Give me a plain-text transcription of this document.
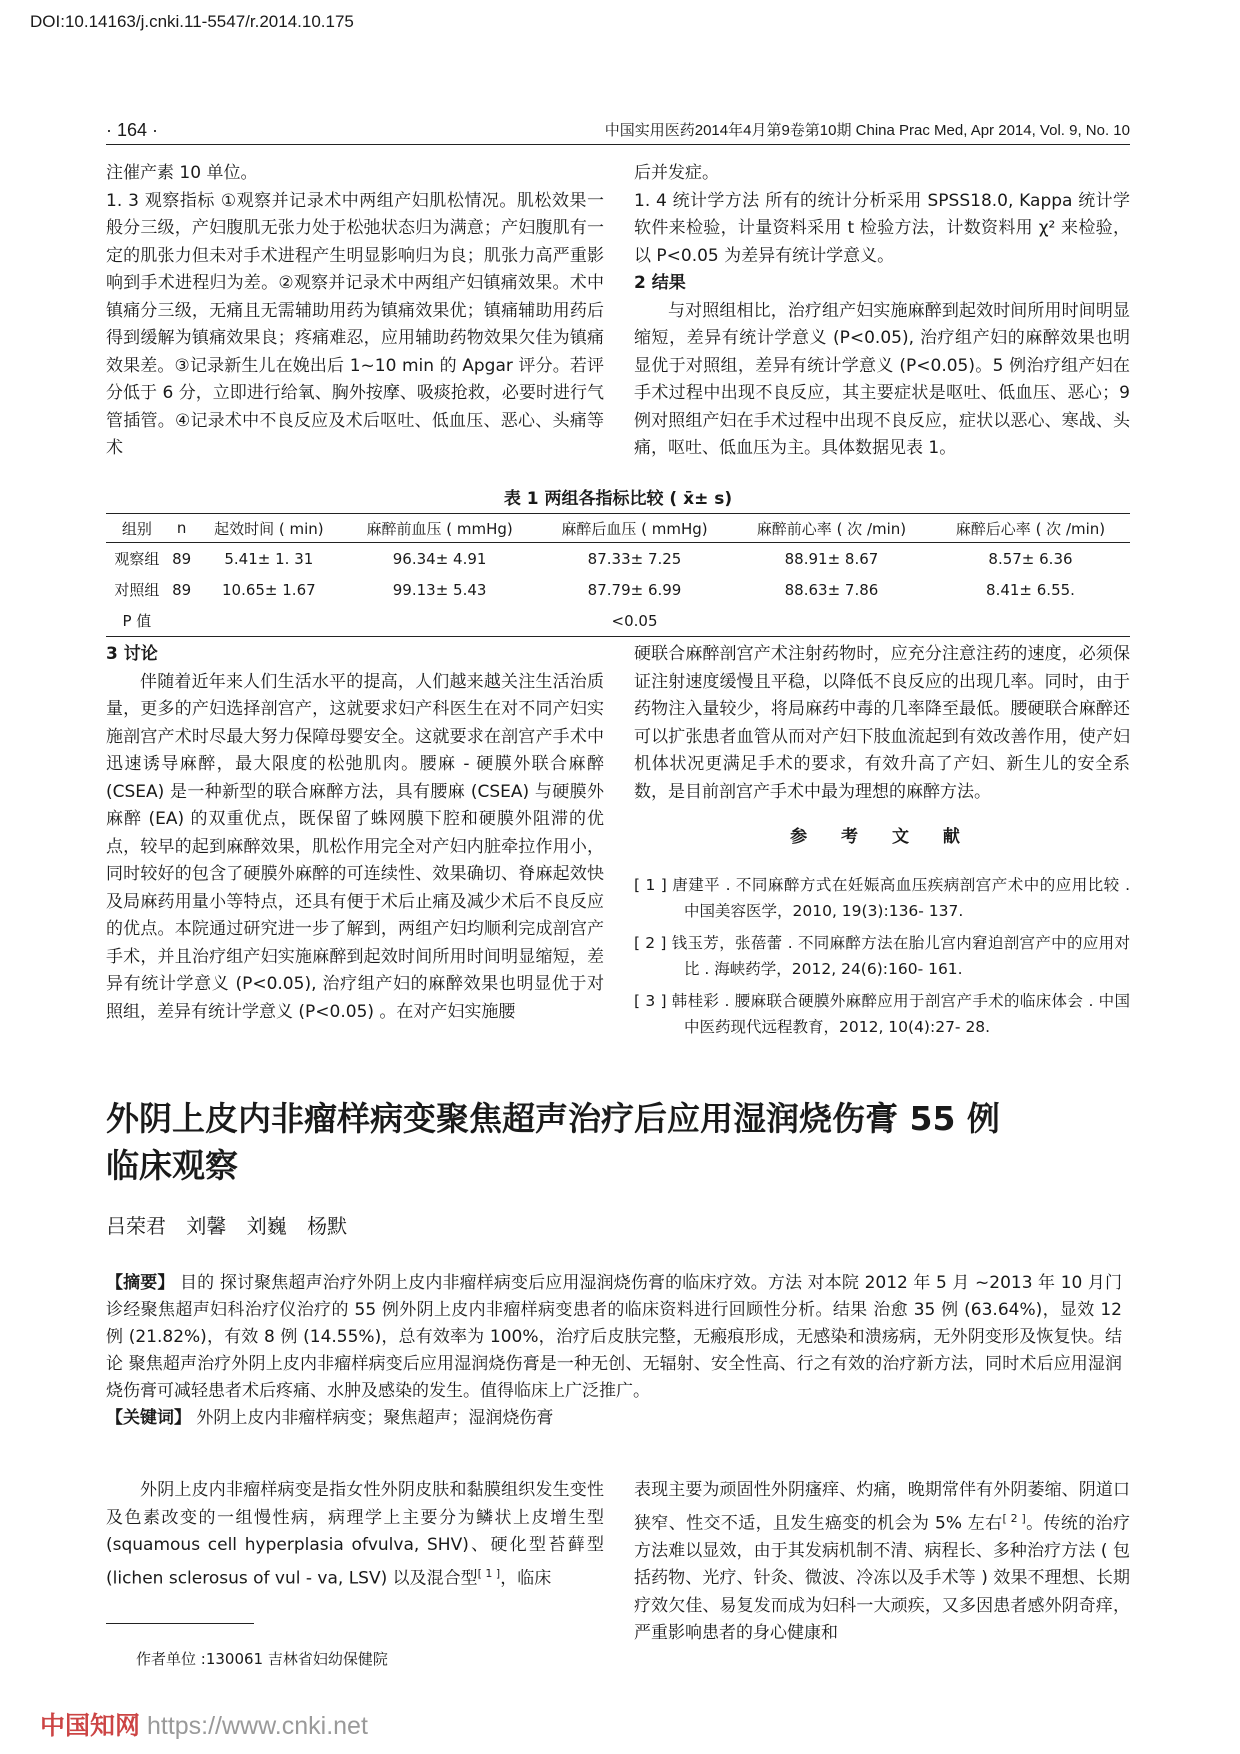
DOI:10.14163/j.cnki.11-5547/r.2014.10.175
· 164 ·	中国实用医药2014年4月第9卷第10期 China Prac Med, Apr 2014, Vol. 9, No. 10

注催产素 10 单位。

1. 3 观察指标 ①观察并记录术中两组产妇肌松情况。肌松效果一般分三级，产妇腹肌无张力处于松弛状态归为满意；产妇腹肌有一定的肌张力但未对手术进程产生明显影响归为良；肌张力高严重影响到手术进程归为差。②观察并记录术中两组产妇镇痛效果。术中镇痛分三级，无痛且无需辅助用药为镇痛效果优；镇痛辅助用药后得到缓解为镇痛效果良；疼痛难忍，应用辅助药物效果欠佳为镇痛效果差。③记录新生儿在娩出后 1~10 min 的 Apgar 评分。若评分低于 6 分，立即进行给氧、胸外按摩、吸痰抢救，必要时进行气管插管。④记录术中不良反应及术后呕吐、低血压、恶心、头痛等术

后并发症。

1. 4 统计学方法 所有的统计分析采用 SPSS18.0, Kappa 统计学软件来检验，计量资料采用 t 检验方法，计数资料用 χ² 来检验，以 P<0.05 为差异有统计学意义。

2 结果

与对照组相比，治疗组产妇实施麻醉到起效时间所用时间明显缩短，差异有统计学意义 (P<0.05), 治疗组产妇的麻醉效果也明显优于对照组，差异有统计学意义 (P<0.05)。5 例治疗组产妇在手术过程中出现不良反应，其主要症状是呕吐、低血压、恶心；9 例对照组产妇在手术过程中出现不良反应，症状以恶心、寒战、头痛，呕吐、低血压为主。具体数据见表 1。

表 1 两组各指标比较 ( x̄± s)
组别	n	起效时间 ( min)	麻醉前血压 ( mmHg)	麻醉后血压 ( mmHg)	麻醉前心率 ( 次 /min)	麻醉后心率 ( 次 /min)
观察组	89	5.41± 1. 31	96.34± 4.91	87.33± 7.25	88.91± 8.67	8.57± 6.36
对照组	89	10.65± 1.67	99.13± 5.43	87.79± 6.99	88.63± 7.86	8.41± 6.55.
P 值				<0.05		

3 讨论

伴随着近年来人们生活水平的提高，人们越来越关注生活治质量，更多的产妇选择剖宫产，这就要求妇产科医生在对不同产妇实施剖宫产术时尽最大努力保障母婴安全。这就要求在剖宫产手术中迅速诱导麻醉，最大限度的松弛肌肉。腰麻 - 硬膜外联合麻醉 (CSEA) 是一种新型的联合麻醉方法，具有腰麻 (CSEA) 与硬膜外麻醉 (EA) 的双重优点，既保留了蛛网膜下腔和硬膜外阻滞的优点，较早的起到麻醉效果，肌松作用完全对产妇内脏牵拉作用小，同时较好的包含了硬膜外麻醉的可连续性、效果确切、脊麻起效快及局麻药用量小等特点，还具有便于术后止痛及减少术后不良反应的优点。本院通过研究进一步了解到，两组产妇均顺利完成剖宫产手术，并且治疗组产妇实施麻醉到起效时间所用时间明显缩短，差异有统计学意义 (P<0.05), 治疗组产妇的麻醉效果也明显优于对照组，差异有统计学意义 (P<0.05) 。在对产妇实施腰

硬联合麻醉剖宫产术注射药物时，应充分注意注药的速度，必须保证注射速度缓慢且平稳，以降低不良反应的出现几率。同时，由于药物注入量较少，将局麻药中毒的几率降至最低。腰硬联合麻醉还可以扩张患者血管从而对产妇下肢血流起到有效改善作用，使产妇机体状况更满足手术的要求，有效升高了产妇、新生儿的安全系数，是目前剖宫产手术中最为理想的麻醉方法。

参 考 文 献
[ 1 ] 唐建平 . 不同麻醉方式在妊娠高血压疾病剖宫产术中的应用比较 . 中国美容医学，2010, 19(3):136- 137.
[ 2 ] 钱玉芳，张蓓蕾 . 不同麻醉方法在胎儿宫内窘迫剖宫产中的应用对比 . 海峡药学，2012, 24(6):160- 161.
[ 3 ] 韩桂彩 . 腰麻联合硬膜外麻醉应用于剖宫产手术的临床体会 . 中国中医药现代远程教育，2012, 10(4):27- 28.
外阴上皮内非瘤样病变聚焦超声治疗后应用湿润烧伤膏 55 例临床观察
吕荣君 刘馨 刘巍 杨默

【摘要】 目的 探讨聚焦超声治疗外阴上皮内非瘤样病变后应用湿润烧伤膏的临床疗效。方法 对本院 2012 年 5 月 ~2013 年 10 月门诊经聚焦超声妇科治疗仪治疗的 55 例外阴上皮内非瘤样病变患者的临床资料进行回顾性分析。结果 治愈 35 例 (63.64%)，显效 12 例 (21.82%)，有效 8 例 (14.55%)，总有效率为 100%，治疗后皮肤完整，无瘢痕形成，无感染和溃疡病，无外阴变形及恢复快。结论 聚焦超声治疗外阴上皮内非瘤样病变后应用湿润烧伤膏是一种无创、无辐射、安全性高、行之有效的治疗新方法，同时术后应用湿润烧伤膏可减轻患者术后疼痛、水肿及感染的发生。值得临床上广泛推广。

【关键词】 外阴上皮内非瘤样病变；聚焦超声；湿润烧伤膏

外阴上皮内非瘤样病变是指女性外阴皮肤和黏膜组织发生变性及色素改变的一组慢性病，病理学上主要分为鳞状上皮增生型 (squamous cell hyperplasia ofvulva, SHV)、硬化型苔藓型 (lichen sclerosus of vul - va, LSV) 以及混合型[ 1 ]，临床

表现主要为顽固性外阴瘙痒、灼痛，晚期常伴有外阴萎缩、阴道口狭窄、性交不适，且发生癌变的机会为 5% 左右[ 2 ]。传统的治疗方法难以显效，由于其发病机制不清、病程长、多种治疗方法 ( 包括药物、光疗、针灸、微波、冷冻以及手术等 ) 效果不理想、长期疗效欠佳、易复发而成为妇科一大顽疾，又多因患者感外阴奇痒，严重影响患者的身心健康和

作者单位 :130061 吉林省妇幼保健院
中国知网 https://www.cnki.net
